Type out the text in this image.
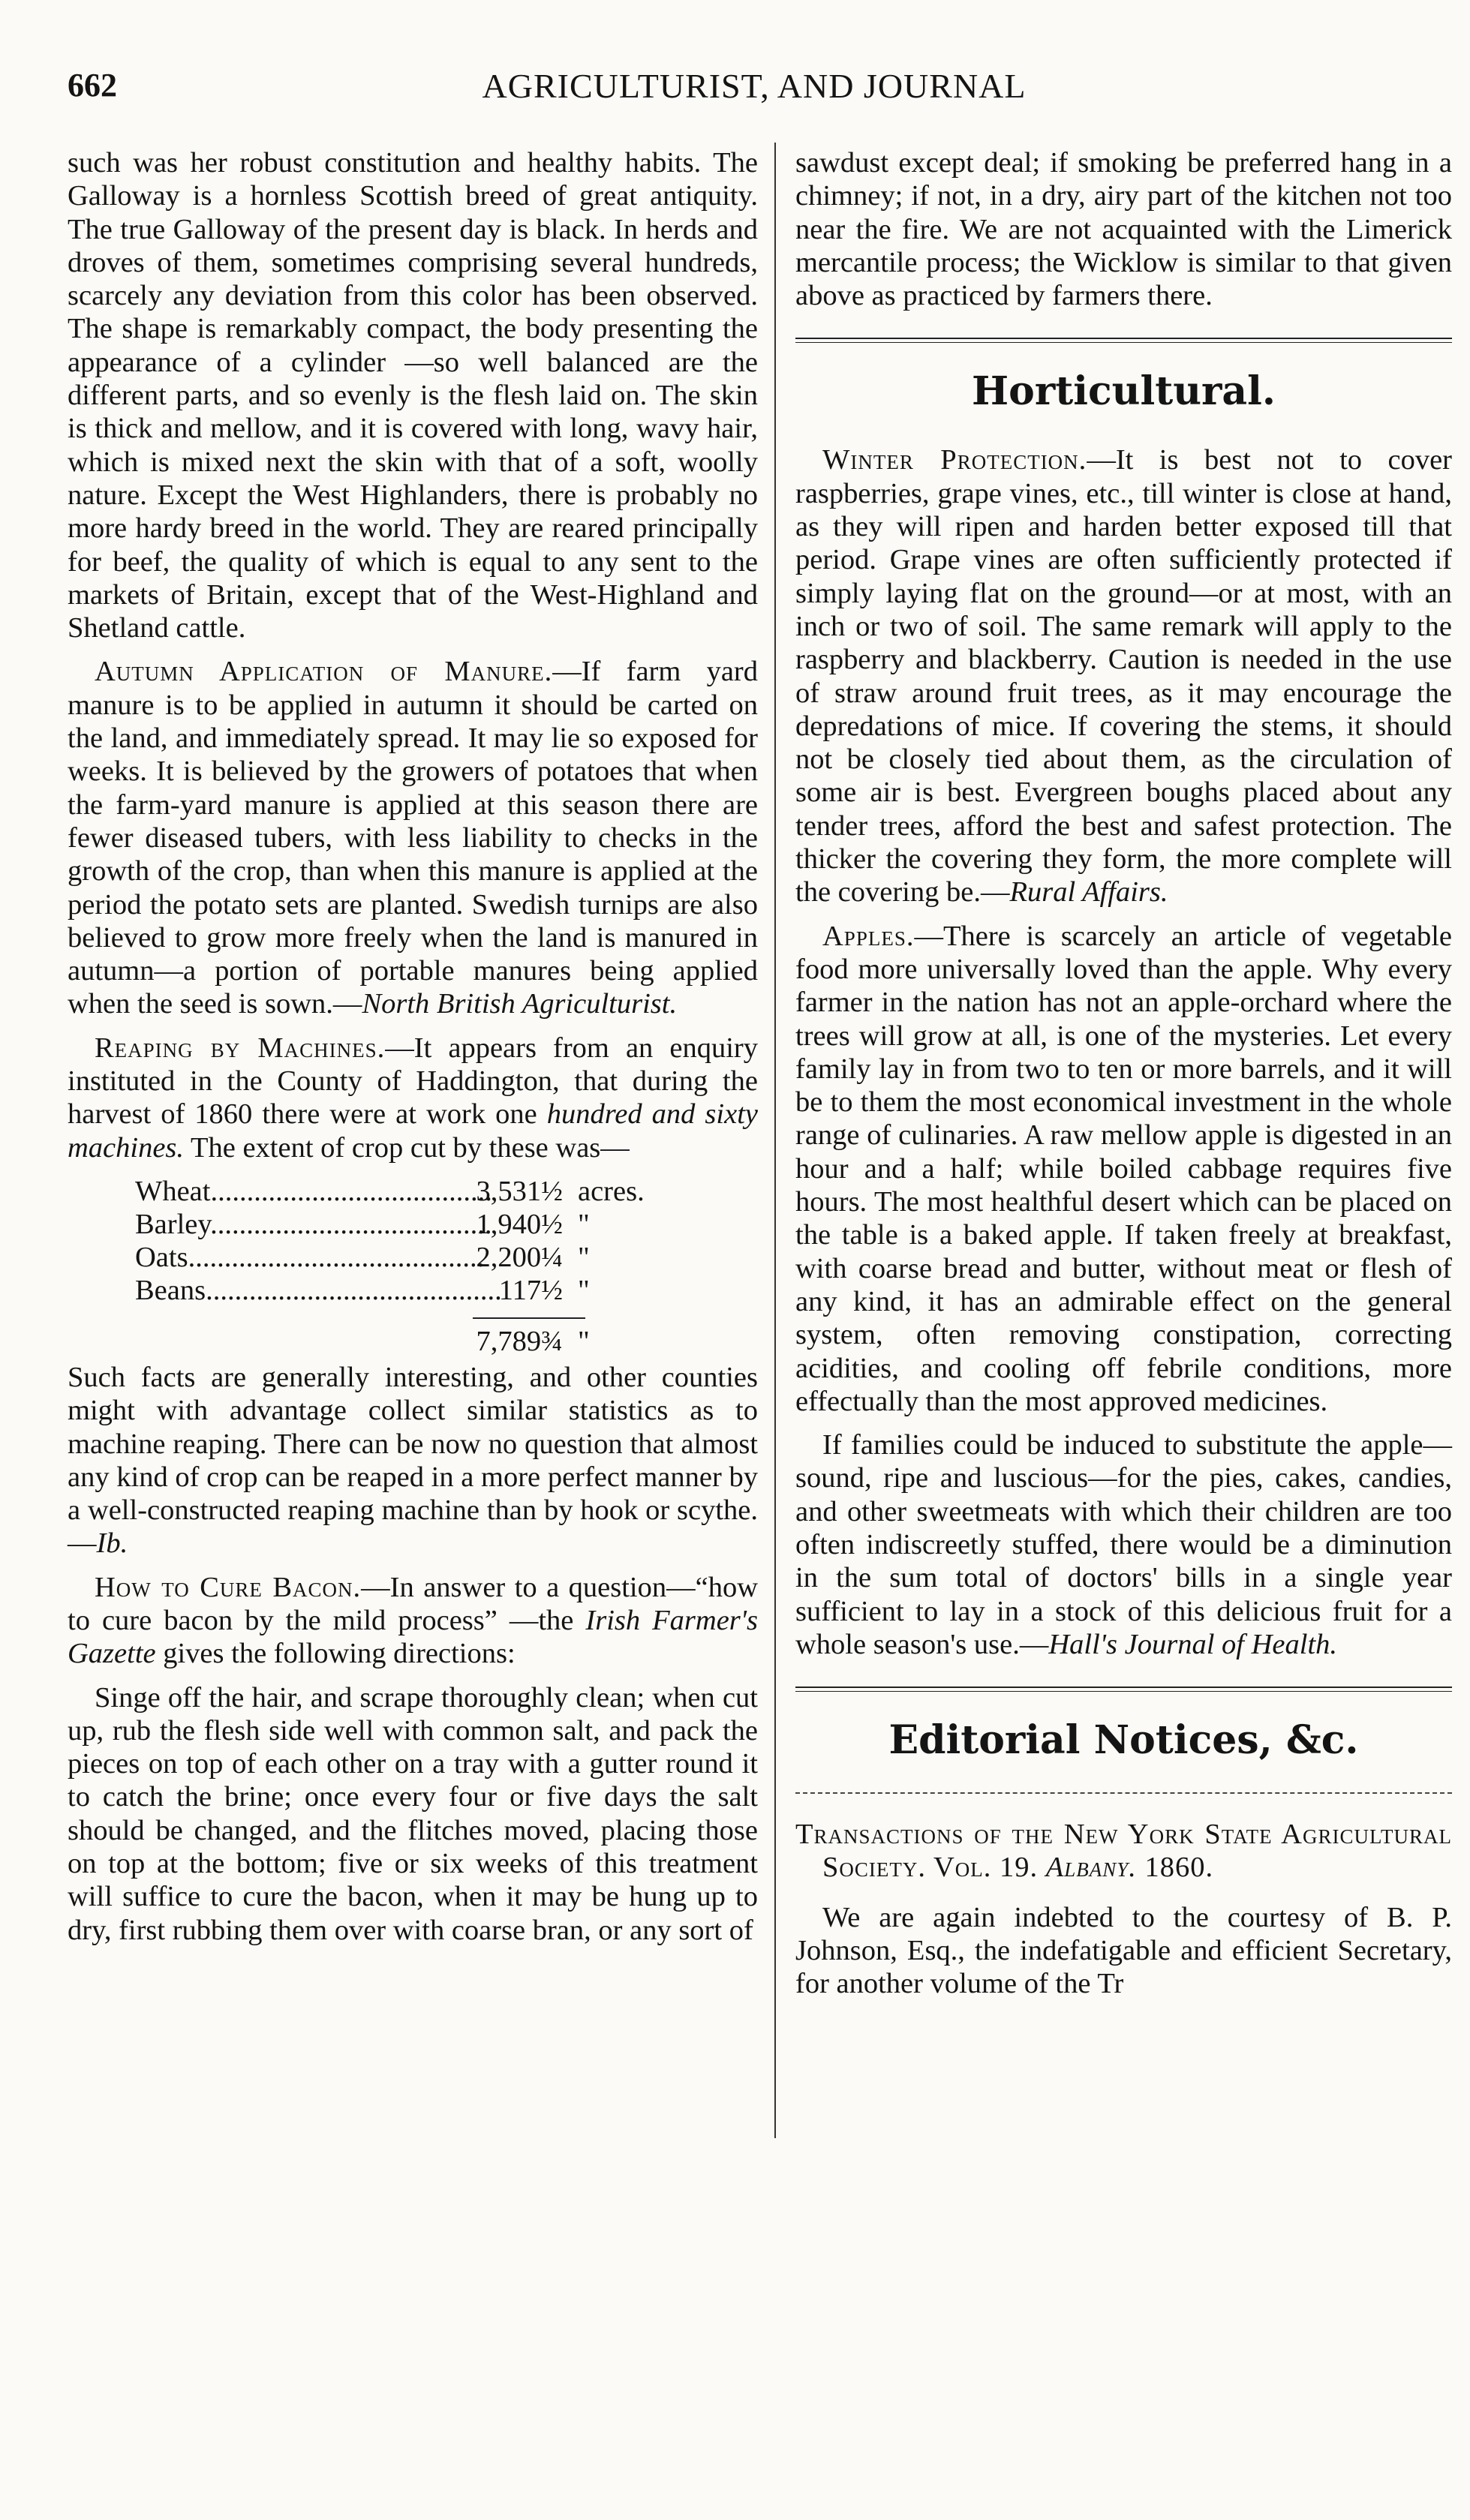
662	AGRICULTURIST, AND JOURNAL

such was her robust constitution and healthy habits. The Galloway is a hornless Scottish breed of great antiquity. The true Galloway of the present day is black. In herds and droves of them, sometimes comprising several hundreds, scarcely any deviation from this color has been observed. The shape is remarkably compact, the body presenting the appearance of a cylinder —so well balanced are the different parts, and so evenly is the flesh laid on. The skin is thick and mellow, and it is covered with long, wavy hair, which is mixed next the skin with that of a soft, woolly nature. Except the West Highlanders, there is probably no more hardy breed in the world. They are reared principally for beef, the quality of which is equal to any sent to the markets of Britain, except that of the West-Highland and Shetland cattle.

Autumn Application of Manure.—If farm yard manure is to be applied in autumn it should be carted on the land, and immediately spread. It may lie so exposed for weeks. It is believed by the growers of potatoes that when the farm-yard manure is applied at this season there are fewer diseased tubers, with less liability to checks in the growth of the crop, than when this manure is applied at the period the potato sets are planted. Swedish turnips are also believed to grow more freely when the land is manured in autumn—a portion of portable manures being applied when the seed is sown.—North British Agriculturist.

Reaping by Machines.—It appears from an enquiry instituted in the County of Haddington, that during the harvest of 1860 there were at work one hundred and sixty machines. The extent of crop cut by these was—

Wheat.......................................
3,531½ acres.
Barley.......................................
1,940½ "
Oats.........................................
2,200¼ "
Beans.........................................
117½ "
7,789¾ "

Such facts are generally interesting, and other counties might with advantage collect similar statistics as to machine reaping. There can be now no question that almost any kind of crop can be reaped in a more perfect manner by a well-constructed reaping machine than by hook or scythe.—Ib.

How to Cure Bacon.—In answer to a question—“how to cure bacon by the mild process” —the Irish Farmer's Gazette gives the following directions:

Singe off the hair, and scrape thoroughly clean; when cut up, rub the flesh side well with common salt, and pack the pieces on top of each other on a tray with a gutter round it to catch the brine; once every four or five days the salt should be changed, and the flitches moved, placing those on top at the bottom; five or six weeks of this treatment will suffice to cure the bacon, when it may be hung up to dry, first rubbing them over with coarse bran, or any sort of

sawdust except deal; if smoking be preferred hang in a chimney; if not, in a dry, airy part of the kitchen not too near the fire. We are not acquainted with the Limerick mercantile process; the Wicklow is similar to that given above as practiced by farmers there.

Horticultural.

Winter Protection.—It is best not to cover raspberries, grape vines, etc., till winter is close at hand, as they will ripen and harden better exposed till that period. Grape vines are often sufficiently protected if simply laying flat on the ground—or at most, with an inch or two of soil. The same remark will apply to the raspberry and blackberry. Caution is needed in the use of straw around fruit trees, as it may encourage the depredations of mice. If covering the stems, it should not be closely tied about them, as the circulation of some air is best. Evergreen boughs placed about any tender trees, afford the best and safest protection. The thicker the covering they form, the more complete will the covering be.—Rural Affairs.

Apples.—There is scarcely an article of vegetable food more universally loved than the apple. Why every farmer in the nation has not an apple-orchard where the trees will grow at all, is one of the mysteries. Let every family lay in from two to ten or more barrels, and it will be to them the most economical investment in the whole range of culinaries. A raw mellow apple is digested in an hour and a half; while boiled cabbage requires five hours. The most healthful desert which can be placed on the table is a baked apple. If taken freely at breakfast, with coarse bread and butter, without meat or flesh of any kind, it has an admirable effect on the general system, often removing constipation, correcting acidities, and cooling off febrile conditions, more effectually than the most approved medicines.

If families could be induced to substitute the apple—sound, ripe and luscious—for the pies, cakes, candies, and other sweetmeats with which their children are too often indiscreetly stuffed, there would be a diminution in the sum total of doctors' bills in a single year sufficient to lay in a stock of this delicious fruit for a whole season's use.—Hall's Journal of Health.

Editorial Notices, &c.

Transactions of the New York State Agricultural Society. Vol. 19. Albany. 1860.

We are again indebted to the courtesy of B. P. Johnson, Esq., the indefatigable and efficient Secretary, for another volume of the Tr
